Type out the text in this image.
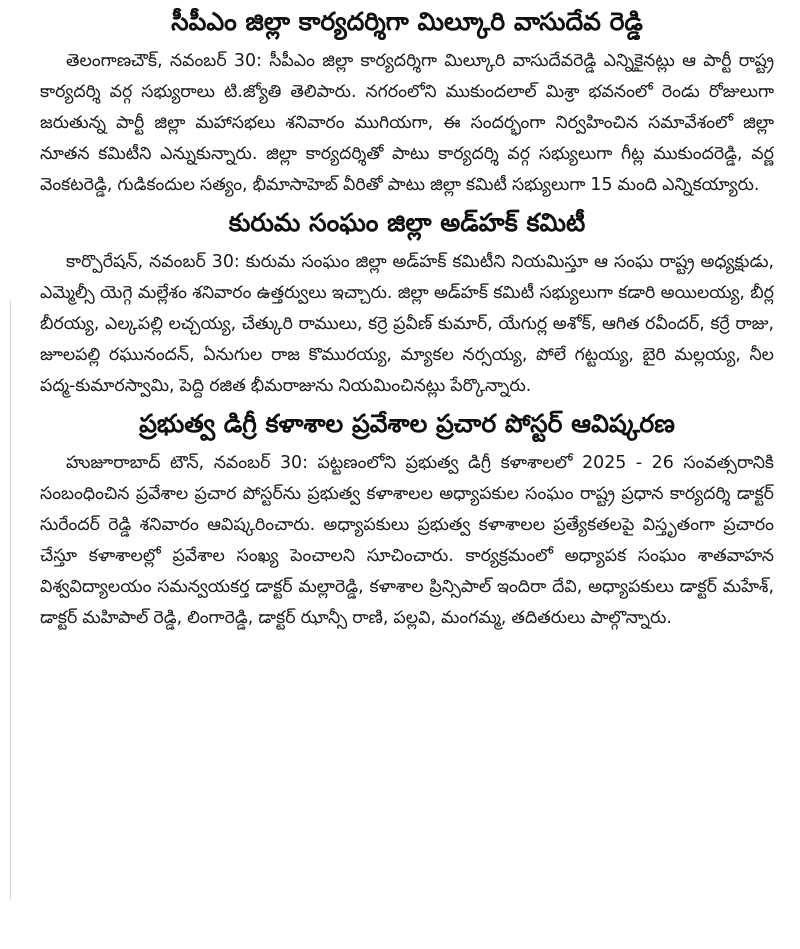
సీపీఎం జిల్లా కార్యదర్శిగా మిల్కూరి వాసుదేవ రెడ్డి

తెలంగాణచౌక్, నవంబర్ 30: సీపీఎం జిల్లా కార్యదర్శిగా మిల్కూరి వాసుదేవరెడ్డి ఎన్నికైనట్లు ఆ పార్టీ రాష్ట్ర కార్యదర్శి వర్గ సభ్యురాలు టి.జ్యోతి తెలిపారు. నగరంలోని ముకుందలాల్ మిశ్రా భవనంలో రెండు రోజులుగా జరుతున్న పార్టీ జిల్లా మహాసభలు శనివారం ముగియగా, ఈ సందర్భంగా నిర్వహించిన సమావేశంలో జిల్లా నూతన కమిటీని ఎన్నుకున్నారు. జిల్లా కార్యదర్శితో పాటు కార్యదర్శి వర్గ సభ్యులుగా గీట్ల ముకుందరెడ్డి, వర్ణ వెంకటరెడ్డి, గుడికందుల సత్యం, భీమాసాహెబ్ వీరితో పాటు జిల్లా కమిటీ సభ్యులుగా 15 మంది ఎన్నికయ్యారు.

కురుమ సంఘం జిల్లా అడ్‌హక్ కమిటీ

కార్పొరేషన్, నవంబర్ 30: కురుమ సంఘం జిల్లా అడ్‌హక్ కమిటీని నియమిస్తూ ఆ సంఘ రాష్ట్ర అధ్యక్షుడు, ఎమ్మెల్సీ యెగ్గె మల్లేశం శనివారం ఉత్తర్వులు ఇచ్చారు. జిల్లా అడ్‌హక్ కమిటీ సభ్యులుగా కడారి అయిలయ్య, బీర్ల బీరయ్య, ఎల్కపల్లి లచ్చయ్య, చేత్కురి రాములు, కర్రె ప్రవీణ్ కుమార్, యేగుర్ల అశోక్, ఆగిత రవీందర్, కర్రే రాజు, జూలపల్లి రఘునందన్, ఏనుగుల రాజ కొమురయ్య, మ్యాకల నర్సయ్య, పోలే గట్టయ్య, బైరి మల్లయ్య, నీల పద్మ-కుమారస్వామి, పెద్ది రజిత భీమరాజును నియమించినట్లు పేర్కొన్నారు.

ప్రభుత్వ డిగ్రీ కళాశాల ప్రవేశాల ప్రచార పోస్టర్ ఆవిష్కరణ

హుజూరాబాద్ టౌన్, నవంబర్ 30: పట్టణంలోని ప్రభుత్వ డిగ్రీ కళాశాలలో 2025 - 26 సంవత్సరానికి సంబంధించిన ప్రవేశాల ప్రచార పోస్టర్‌ను ప్రభుత్వ కళాశాలల అధ్యాపకుల సంఘం రాష్ట్ర ప్రధాన కార్యదర్శి డాక్టర్ సురేందర్ రెడ్డి శనివారం ఆవిష్కరించారు. అధ్యాపకులు ప్రభుత్వ కళాశాలల ప్రత్యేకతలపై విస్తృతంగా ప్రచారం చేస్తూ కళాశాలల్లో ప్రవేశాల సంఖ్య పెంచాలని సూచించారు. కార్యక్రమంలో అధ్యాపక సంఘం శాతవాహన విశ్వవిద్యాలయం సమన్వయకర్త డాక్టర్ మల్లారెడ్డి, కళాశాల ప్రిన్సిపాల్ ఇందిరా దేవి, అధ్యాపకులు డాక్టర్ మహేశ్, డాక్టర్ మహిపాల్ రెడ్డి, లింగారెడ్డి, డాక్టర్ ఝాన్సీ రాణి, పల్లవి, మంగమ్మ, తదితరులు పాల్గొన్నారు.
